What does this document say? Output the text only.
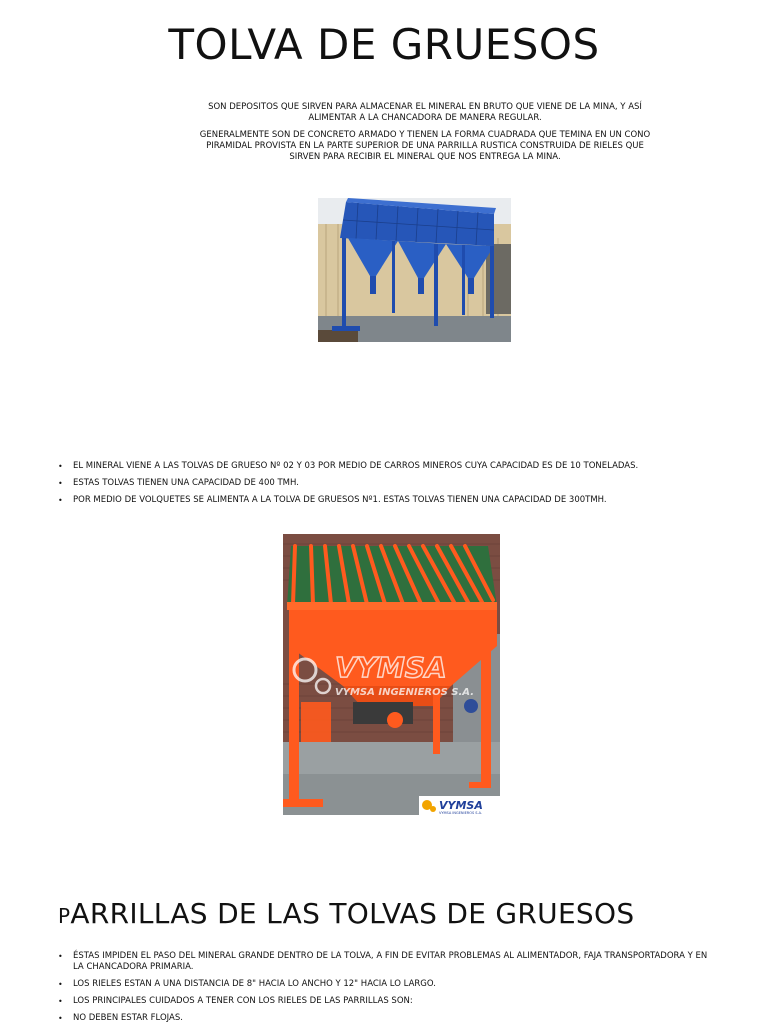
TOLVA DE GRUESOS

SON DEPOSITOS QUE SIRVEN PARA ALMACENAR EL MINERAL EN BRUTO QUE VIENE DE LA MINA, Y ASÍ ALIMENTAR A LA CHANCADORA DE MANERA REGULAR.

GENERALMENTE SON DE CONCRETO ARMADO Y TIENEN LA FORMA CUADRADA QUE TEMINA EN UN CONO PIRAMIDAL PROVISTA EN LA PARTE SUPERIOR DE UNA PARRILLA RUSTICA CONSTRUIDA DE RIELES QUE SIRVEN PARA RECIBIR EL MINERAL QUE NOS ENTREGA LA MINA.

• EL MINERAL VIENE A LAS TOLVAS DE GRUESO Nº 02 Y 03 POR MEDIO DE CARROS MINEROS CUYA CAPACIDAD ES DE 10 TONELADAS.
• ESTAS TOLVAS TIENEN UNA CAPACIDAD DE 400 TMH.
• POR MEDIO DE VOLQUETES SE ALIMENTA A LA TOLVA DE GRUESOS Nº1. ESTAS TOLVAS TIENEN UNA CAPACIDAD DE 300TMH.
VYMSA
VYMSA INGENIEROS S.A.
VYMSA
VYMSA INGENIEROS S.A.
PARRILLAS DE LAS TOLVAS DE GRUESOS
• ÉSTAS IMPIDEN EL PASO DEL MINERAL GRANDE DENTRO DE LA TOLVA, A FIN DE EVITAR PROBLEMAS AL ALIMENTADOR, FAJA TRANSPORTADORA Y EN LA CHANCADORA PRIMARIA.
• LOS RIELES ESTAN A UNA DISTANCIA DE 8" HACIA LO ANCHO Y 12" HACIA LO LARGO.
• LOS PRINCIPALES CUIDADOS A TENER CON LOS RIELES DE LAS PARRILLAS SON:
• NO DEBEN ESTAR FLOJAS.
